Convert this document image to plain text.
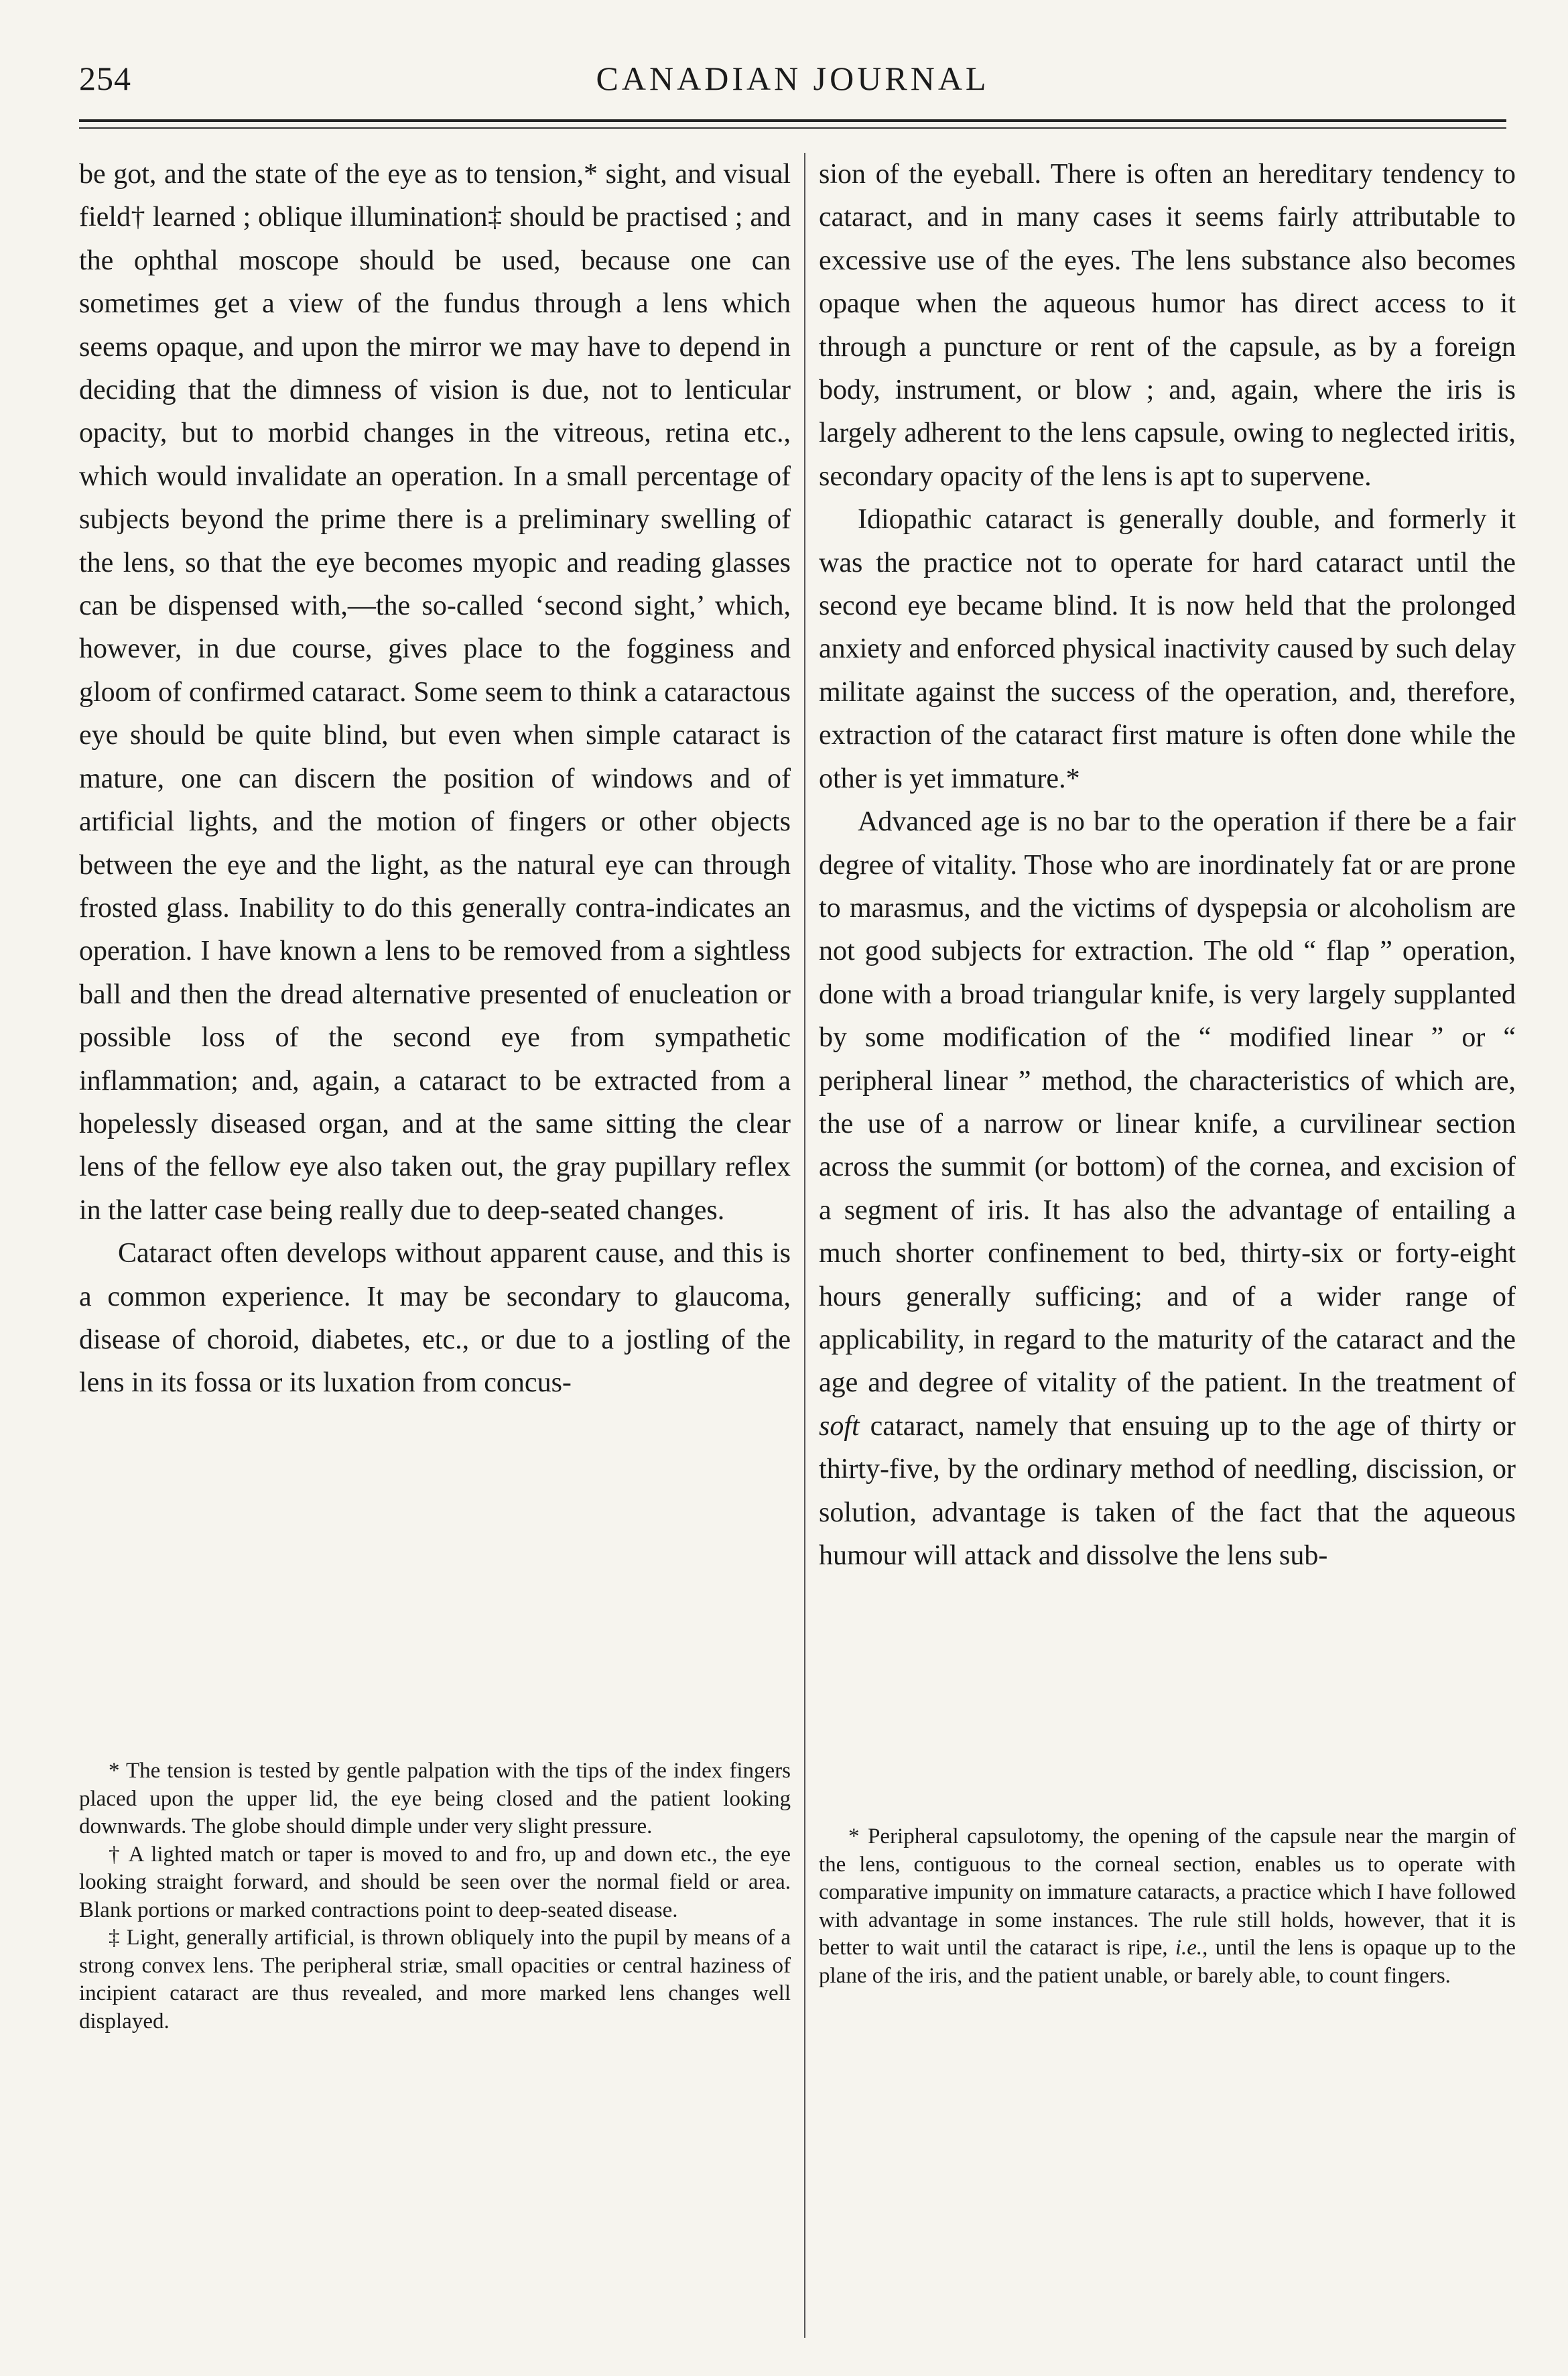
254	CANADIAN JOURNAL

be got, and the state of the eye as to tension,* sight, and visual field† learned ; oblique illumination‡ should be practised ; and the ophthal moscope should be used, because one can sometimes get a view of the fundus through a lens which seems opaque, and upon the mirror we may have to depend in deciding that the dimness of vision is due, not to lenticular opacity, but to morbid changes in the vitreous, retina etc., which would invalidate an operation. In a small percentage of subjects beyond the prime there is a preliminary swelling of the lens, so that the eye becomes myopic and reading glasses can be dispensed with,—the so-called ‘second sight,’ which, however, in due course, gives place to the fogginess and gloom of confirmed cataract. Some seem to think a cataractous eye should be quite blind, but even when simple cataract is mature, one can discern the position of windows and of artificial lights, and the motion of fingers or other objects between the eye and the light, as the natural eye can through frosted glass. Inability to do this generally contra-indicates an operation. I have known a lens to be removed from a sightless ball and then the dread alternative presented of enucleation or possible loss of the second eye from sympathetic inflammation; and, again, a cataract to be extracted from a hopelessly diseased organ, and at the same sitting the clear lens of the fellow eye also taken out, the gray pupillary reflex in the latter case being really due to deep-seated changes.

Cataract often develops without apparent cause, and this is a common experience. It may be secondary to glaucoma, disease of choroid, diabetes, etc., or due to a jostling of the lens in its fossa or its luxation from concus-

* The tension is tested by gentle palpation with the tips of the index fingers placed upon the upper lid, the eye being closed and the patient looking downwards. The globe should dimple under very slight pressure.

† A lighted match or taper is moved to and fro, up and down etc., the eye looking straight forward, and should be seen over the normal field or area. Blank portions or marked contractions point to deep-seated disease.

‡ Light, generally artificial, is thrown obliquely into the pupil by means of a strong convex lens. The peripheral striæ, small opacities or central haziness of incipient cataract are thus revealed, and more marked lens changes well displayed.

sion of the eyeball. There is often an hereditary tendency to cataract, and in many cases it seems fairly attributable to excessive use of the eyes. The lens substance also becomes opaque when the aqueous humor has direct access to it through a puncture or rent of the capsule, as by a foreign body, instrument, or blow ; and, again, where the iris is largely adherent to the lens capsule, owing to neglected iritis, secondary opacity of the lens is apt to supervene.

Idiopathic cataract is generally double, and formerly it was the practice not to operate for hard cataract until the second eye became blind. It is now held that the prolonged anxiety and enforced physical inactivity caused by such delay militate against the success of the operation, and, therefore, extraction of the cataract first mature is often done while the other is yet immature.*

Advanced age is no bar to the operation if there be a fair degree of vitality. Those who are inordinately fat or are prone to marasmus, and the victims of dyspepsia or alcoholism are not good subjects for extraction. The old “ flap ” operation, done with a broad triangular knife, is very largely supplanted by some modification of the “ modified linear ” or “ peripheral linear ” method, the characteristics of which are, the use of a narrow or linear knife, a curvilinear section across the summit (or bottom) of the cornea, and excision of a segment of iris. It has also the advantage of entailing a much shorter confinement to bed, thirty-six or forty-eight hours generally sufficing; and of a wider range of applicability, in regard to the maturity of the cataract and the age and degree of vitality of the patient. In the treatment of soft cataract, namely that ensuing up to the age of thirty or thirty-five, by the ordinary method of needling, discission, or solution, advantage is taken of the fact that the aqueous humour will attack and dissolve the lens sub-

* Peripheral capsulotomy, the opening of the capsule near the margin of the lens, contiguous to the corneal section, enables us to operate with comparative impunity on immature cataracts, a practice which I have followed with advantage in some instances. The rule still holds, however, that it is better to wait until the cataract is ripe, i.e., until the lens is opaque up to the plane of the iris, and the patient unable, or barely able, to count fingers.
